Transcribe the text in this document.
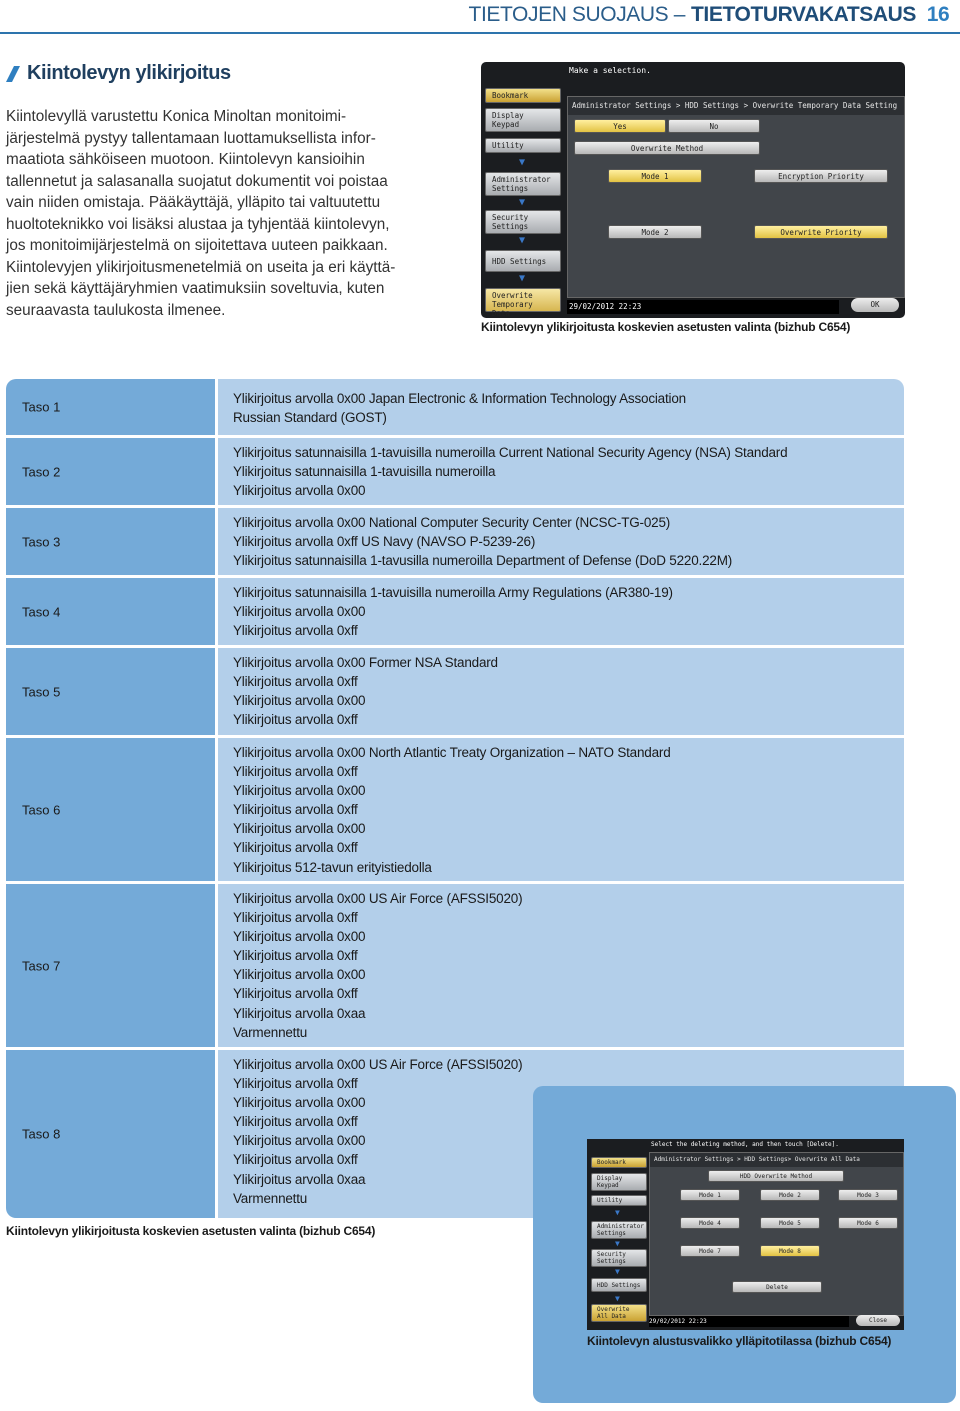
TIETOJEN SUOJAUS – TIETOTURVAKATSAUS 16
Kiintolevyn ylikirjoitus
Kiintolevyllä varustettu Konica Minoltan monitoimi-
järjestelmä pystyy tallentamaan luottamuksellista infor-
maatiota sähköiseen muotoon. Kiintolevyn kansioihin
tallennetut ja salasanalla suojatut dokumentit voi poistaa
vain niiden omistaja. Pääkäyttäjä, ylläpito tai valtuutettu
huoltoteknikko voi lisäksi alustaa ja tyhjentää kiintolevyn,
jos monitoimijärjestelmä on sijoitettava uuteen paikkaan.
Kiintolevyjen ylikirjoitusmenetelmiä on useita ja eri käyttä-
jien sekä käyttäjäryhmien vaatimuksiin soveltuvia, kuten
seuraavasta taulukosta ilmenee.
Make a selection.
Bookmark
Display Keypad
Utility
▼
Administrator Settings
▼
Security Settings
▼
HDD Settings
▼
Overwrite Temporary Data
Administrator Settings > HDD Settings > Overwrite Temporary Data Setting
Yes	No
Overwrite Method
Mode 1
Mode 2
Encryption Priority
Overwrite Priority
29/02/2012 22:23	OK
Kiintolevyn ylikirjoitusta koskevien asetusten valinta (bizhub C654)
Taso 1
Ylikirjoitus arvolla 0x00 Japan Electronic & Information Technology Association
Russian Standard (GOST)
Taso 2
Ylikirjoitus satunnaisilla 1-tavuisilla numeroilla Current National Security Agency (NSA) Standard
Ylikirjoitus satunnaisilla 1-tavuisilla numeroilla
Ylikirjoitus arvolla 0x00
Taso 3
Ylikirjoitus arvolla 0x00 National Computer Security Center (NCSC-TG-025)
Ylikirjoitus arvolla 0xff US Navy (NAVSO P-5239-26)
Ylikirjoitus satunnaisilla 1-tavusilla numeroilla Department of Defense (DoD 5220.22M)
Taso 4
Ylikirjoitus satunnaisilla 1-tavuisilla numeroilla Army Regulations (AR380-19)
Ylikirjoitus arvolla 0x00
Ylikirjoitus arvolla 0xff
Taso 5
Ylikirjoitus arvolla 0x00 Former NSA Standard
Ylikirjoitus arvolla 0xff
Ylikirjoitus arvolla 0x00
Ylikirjoitus arvolla 0xff
Taso 6
Ylikirjoitus arvolla 0x00 North Atlantic Treaty Organization – NATO Standard
Ylikirjoitus arvolla 0xff
Ylikirjoitus arvolla 0x00
Ylikirjoitus arvolla 0xff
Ylikirjoitus arvolla 0x00
Ylikirjoitus arvolla 0xff
Ylikirjoitus 512-tavun erityistiedolla
Taso 7
Ylikirjoitus arvolla 0x00 US Air Force (AFSSI5020)
Ylikirjoitus arvolla 0xff
Ylikirjoitus arvolla 0x00
Ylikirjoitus arvolla 0xff
Ylikirjoitus arvolla 0x00
Ylikirjoitus arvolla 0xff
Ylikirjoitus arvolla 0xaa
Varmennettu
Taso 8
Ylikirjoitus arvolla 0x00 US Air Force (AFSSI5020)
Ylikirjoitus arvolla 0xff
Ylikirjoitus arvolla 0x00
Ylikirjoitus arvolla 0xff
Ylikirjoitus arvolla 0x00
Ylikirjoitus arvolla 0xff
Ylikirjoitus arvolla 0xaa
Varmennettu
Kiintolevyn ylikirjoitusta koskevien asetusten valinta (bizhub C654)
Select the deleting method, and then touch [Delete].
Bookmark
Display Keypad
Utility
▼
Administrator Settings
▼
Security Settings
▼
HDD Settings
▼
Overwrite All Data
Administrator Settings > HDD Settings> Overwrite All Data
HDD Overwrite Method
Mode 1	Mode 2	Mode 3
Mode 4	Mode 5	Mode 6
Mode 7	Mode 8
Delete
29/02/2012 22:23	Close
Kiintolevyn alustusvalikko ylläpitotilassa (bizhub C654)
